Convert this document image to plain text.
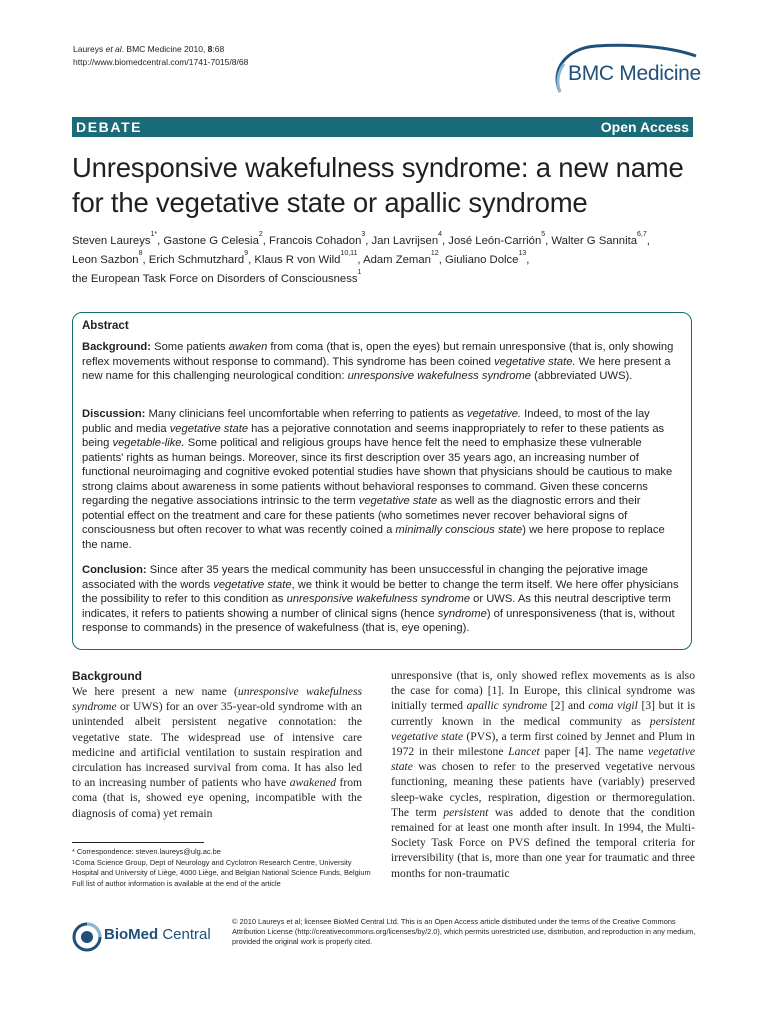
Laureys et al. BMC Medicine 2010, 8:68
http://www.biomedcentral.com/1741-7015/8/68	BMC Medicine
DEBATE	Open Access
Unresponsive wakefulness syndrome: a new name for the vegetative state or apallic syndrome
Steven Laureys$^{1*}$, Gastone G Celesia$^2$, Francois Cohadon$^3$, Jan Lavrijsen$^4$, José León-Carrión$^5$, Walter G Sannita$^{6,7}$,
Leon Sazbon$^8$, Erich Schmutzhard$^9$, Klaus R von Wild$^{10,11}$, Adam Zeman$^{12}$, Giuliano Dolce$^{13}$,
the European Task Force on Disorders of Consciousness$^1$
Abstract
Background: Some patients awaken from coma (that is, open the eyes) but remain unresponsive (that is, only showing reflex movements without response to command). This syndrome has been coined vegetative state. We here present a new name for this challenging neurological condition: unresponsive wakefulness syndrome (abbreviated UWS).
Discussion: Many clinicians feel uncomfortable when referring to patients as vegetative. Indeed, to most of the lay public and media vegetative state has a pejorative connotation and seems inappropriately to refer to these patients as being vegetable-like. Some political and religious groups have hence felt the need to emphasize these vulnerable patients' rights as human beings. Moreover, since its first description over 35 years ago, an increasing number of functional neuroimaging and cognitive evoked potential studies have shown that physicians should be cautious to make strong claims about awareness in some patients without behavioral responses to command. Given these concerns regarding the negative associations intrinsic to the term vegetative state as well as the diagnostic errors and their potential effect on the treatment and care for these patients (who sometimes never recover behavioral signs of consciousness but often recover to what was recently coined a minimally conscious state) we here propose to replace the name.
Conclusion: Since after 35 years the medical community has been unsuccessful in changing the pejorative image associated with the words vegetative state, we think it would be better to change the term itself. We here offer physicians the possibility to refer to this condition as unresponsive wakefulness syndrome or UWS. As this neutral descriptive term indicates, it refers to patients showing a number of clinical signs (hence syndrome) of unresponsiveness (that is, without response to commands) in the presence of wakefulness (that is, eye opening).
Background
We here present a new name (unresponsive wakefulness syndrome or UWS) for an over 35-year-old syndrome with an unintended albeit persistent negative connotation: the vegetative state. The widespread use of intensive care medicine and artificial ventilation to sustain respiration and circulation has increased survival from coma. It has also led to an increasing number of patients who have awakened from coma (that is, showed eye opening, incompatible with the diagnosis of coma) yet remain
unresponsive (that is, only showed reflex movements as is also the case for coma) [1]. In Europe, this clinical syndrome was initially termed apallic syndrome [2] and coma vigil [3] but it is currently known in the medical community as persistent vegetative state (PVS), a term first coined by Jennet and Plum in 1972 in their milestone Lancet paper [4]. The name vegetative state was chosen to refer to the preserved vegetative nervous functioning, meaning these patients have (variably) preserved sleep-wake cycles, respiration, digestion or thermoregulation. The term persistent was added to denote that the condition remained for at least one month after insult. In 1994, the Multi-Society Task Force on PVS defined the temporal criteria for irreversibility (that is, more than one year for traumatic and three months for non-traumatic
* Correspondence: steven.laureys@ulg.ac.be
$^1$Coma Science Group, Dept of Neurology and Cyclotron Research Centre, University Hospital and University of Liège, 4000 Liège, and Belgian National Science Funds, Belgium
Full list of author information is available at the end of the article
BioMed Central
© 2010 Laureys et al; licensee BioMed Central Ltd. This is an Open Access article distributed under the terms of the Creative Commons Attribution License (http://creativecommons.org/licenses/by/2.0), which permits unrestricted use, distribution, and reproduction in any medium, provided the original work is properly cited.
